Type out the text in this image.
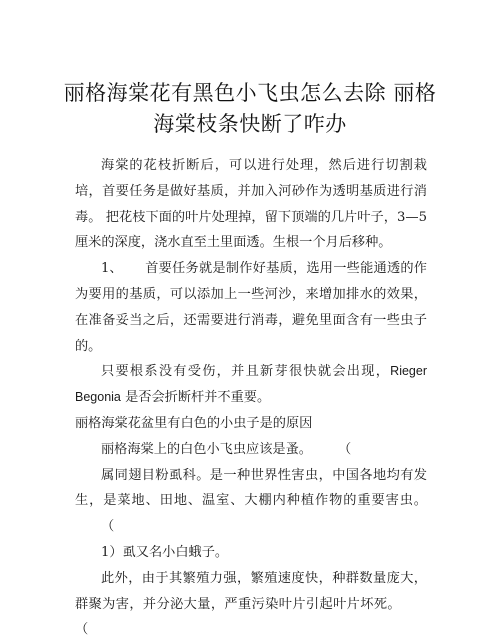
丽格海棠花有黑色小飞虫怎么去除 丽格海棠枝条快断了咋办

海棠的花枝折断后，可以进行处理，然后进行切割栽培，首要任务是做好基质，并加入河砂作为透明基质进行消毒。 把花枝下面的叶片处理掉，留下顶端的几片叶子，3—5 厘米的深度，浇水直至土里面透。生根一个月后移种。

1、 首要任务就是制作好基质，选用一些能通透的作为要用的基质，可以添加上一些河沙，来增加排水的效果，在准备妥当之后，还需要进行消毒，避免里面含有一些虫子的。

只要根系没有受伤，并且新芽很快就会出现，Rieger Begonia 是否会折断杆并不重要。

丽格海棠花盆里有白色的小虫子是的原因

丽格海棠上的白色小飞虫应该是蚤。 （

属同翅目粉虱科。是一种世界性害虫，中国各地均有发生，是菜地、田地、温室、大棚内种植作物的重要害虫。（

1）虱又名小白蛾子。

此外，由于其繁殖力强，繁殖速度快，种群数量庞大，群聚为害，并分泌大量，严重污染叶片引起叶片坏死。（
